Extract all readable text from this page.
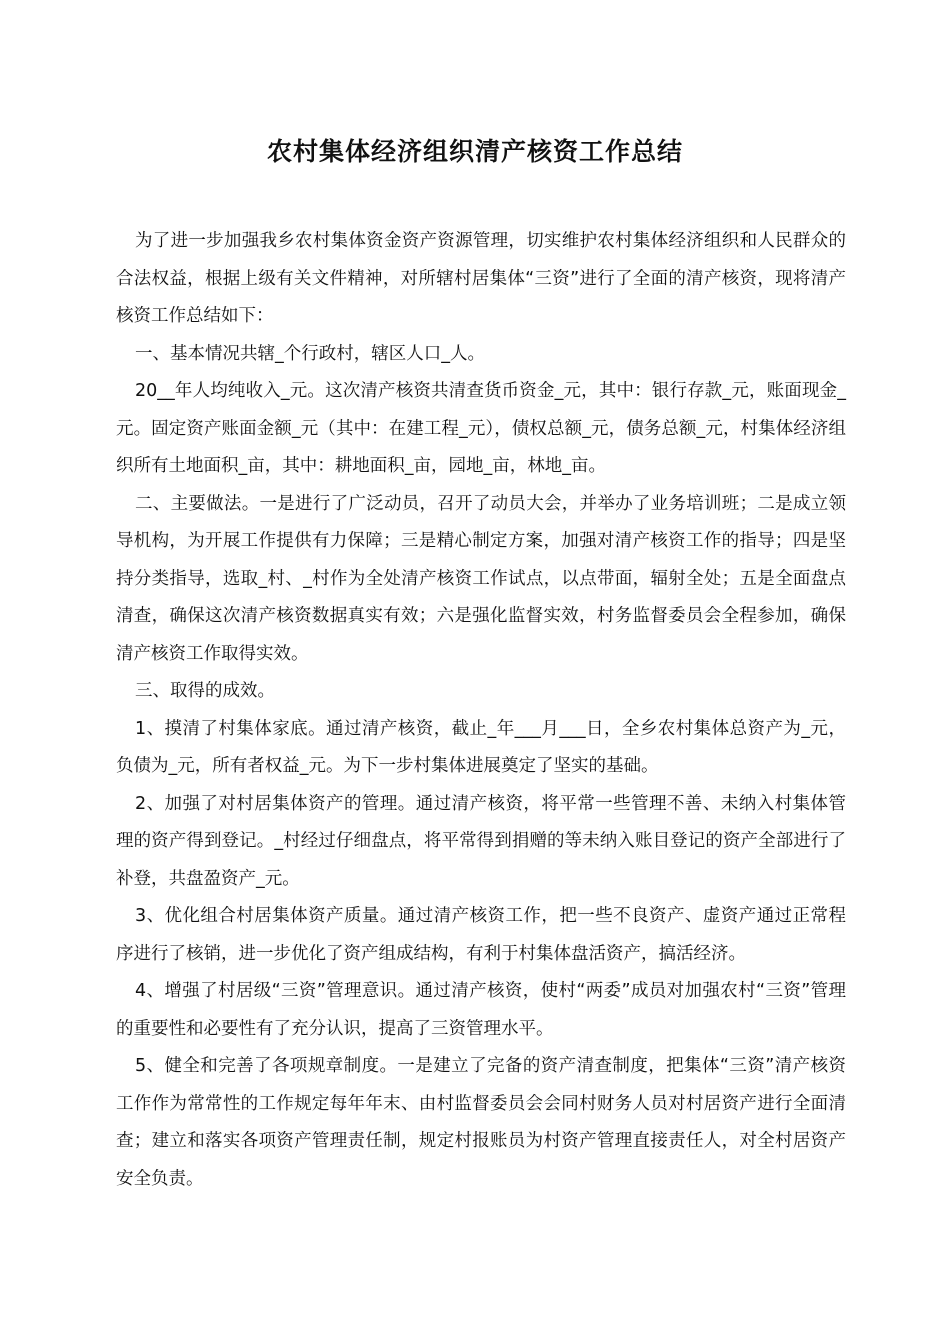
农村集体经济组织清产核资工作总结

为了进一步加强我乡农村集体资金资产资源管理，切实维护农村集体经济组织和人民群众的合法权益，根据上级有关文件精神，对所辖村居集体“三资”进行了全面的清产核资，现将清产核资工作总结如下：

一、基本情况共辖_个行政村，辖区人口_人。

20__年人均纯收入_元。这次清产核资共清查货币资金_元，其中：银行存款_元，账面现金_元。固定资产账面金额_元（其中：在建工程_元），债权总额_元，债务总额_元，村集体经济组织所有土地面积_亩，其中：耕地面积_亩，园地_亩，林地_亩。

二、主要做法。一是进行了广泛动员，召开了动员大会，并举办了业务培训班；二是成立领导机构，为开展工作提供有力保障；三是精心制定方案，加强对清产核资工作的指导；四是坚持分类指导，选取_村、_村作为全处清产核资工作试点，以点带面，辐射全处；五是全面盘点清查，确保这次清产核资数据真实有效；六是强化监督实效，村务监督委员会全程参加，确保清产核资工作取得实效。

三、取得的成效。

1、摸清了村集体家底。通过清产核资，截止_年___月___日，全乡农村集体总资产为_元，负债为_元，所有者权益_元。为下一步村集体进展奠定了坚实的基础。

2、加强了对村居集体资产的管理。通过清产核资，将平常一些管理不善、未纳入村集体管理的资产得到登记。_村经过仔细盘点，将平常得到捐赠的等未纳入账目登记的资产全部进行了补登，共盘盈资产_元。

3、优化组合村居集体资产质量。通过清产核资工作，把一些不良资产、虚资产通过正常程序进行了核销，进一步优化了资产组成结构，有利于村集体盘活资产，搞活经济。

4、增强了村居级“三资”管理意识。通过清产核资，使村“两委”成员对加强农村“三资”管理的重要性和必要性有了充分认识，提高了三资管理水平。

5、健全和完善了各项规章制度。一是建立了完备的资产清查制度，把集体“三资”清产核资工作作为常常性的工作规定每年年末、由村监督委员会会同村财务人员对村居资产进行全面清查；建立和落实各项资产管理责任制，规定村报账员为村资产管理直接责任人，对全村居资产安全负责。
